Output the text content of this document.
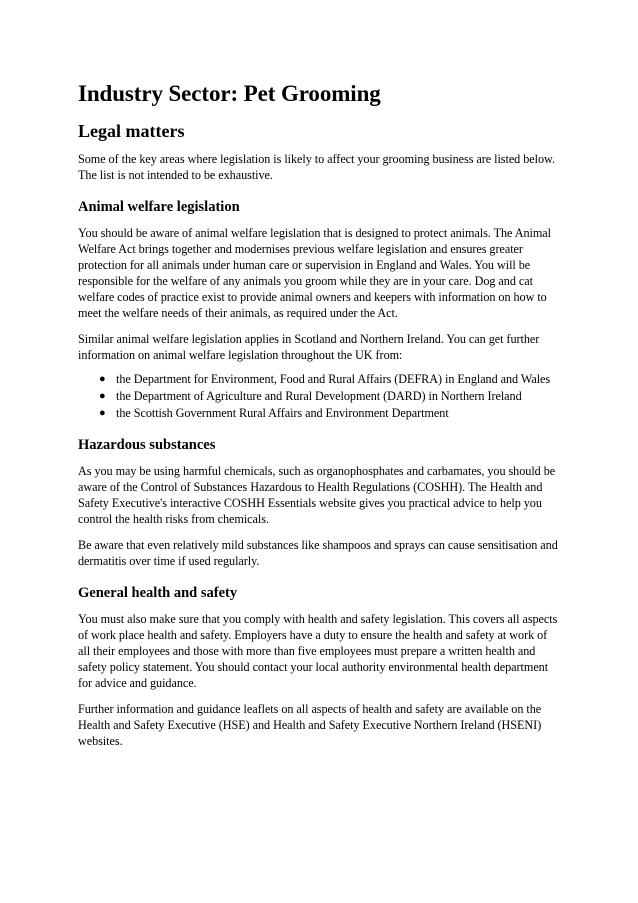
Industry Sector: Pet Grooming
Legal matters

Some of the key areas where legislation is likely to affect your grooming business are listed below. The list is not intended to be exhaustive.

Animal welfare legislation

You should be aware of animal welfare legislation that is designed to protect animals. The Animal Welfare Act brings together and modernises previous welfare legislation and ensures greater protection for all animals under human care or supervision in England and Wales. You will be responsible for the welfare of any animals you groom while they are in your care. Dog and cat welfare codes of practice exist to provide animal owners and keepers with information on how to meet the welfare needs of their animals, as required under the Act.

Similar animal welfare legislation applies in Scotland and Northern Ireland. You can get further information on animal welfare legislation throughout the UK from:

● the Department for Environment, Food and Rural Affairs (DEFRA) in England and Wales
● the Department of Agriculture and Rural Development (DARD) in Northern Ireland
● the Scottish Government Rural Affairs and Environment Department
Hazardous substances

As you may be using harmful chemicals, such as organophosphates and carbamates, you should be aware of the Control of Substances Hazardous to Health Regulations (COSHH). The Health and Safety Executive's interactive COSHH Essentials website gives you practical advice to help you control the health risks from chemicals.

Be aware that even relatively mild substances like shampoos and sprays can cause sensitisation and dermatitis over time if used regularly.

General health and safety

You must also make sure that you comply with health and safety legislation. This covers all aspects of work place health and safety. Employers have a duty to ensure the health and safety at work of all their employees and those with more than five employees must prepare a written health and safety policy statement. You should contact your local authority environmental health department for advice and guidance.

Further information and guidance leaflets on all aspects of health and safety are available on the Health and Safety Executive (HSE) and Health and Safety Executive Northern Ireland (HSENI) websites.
